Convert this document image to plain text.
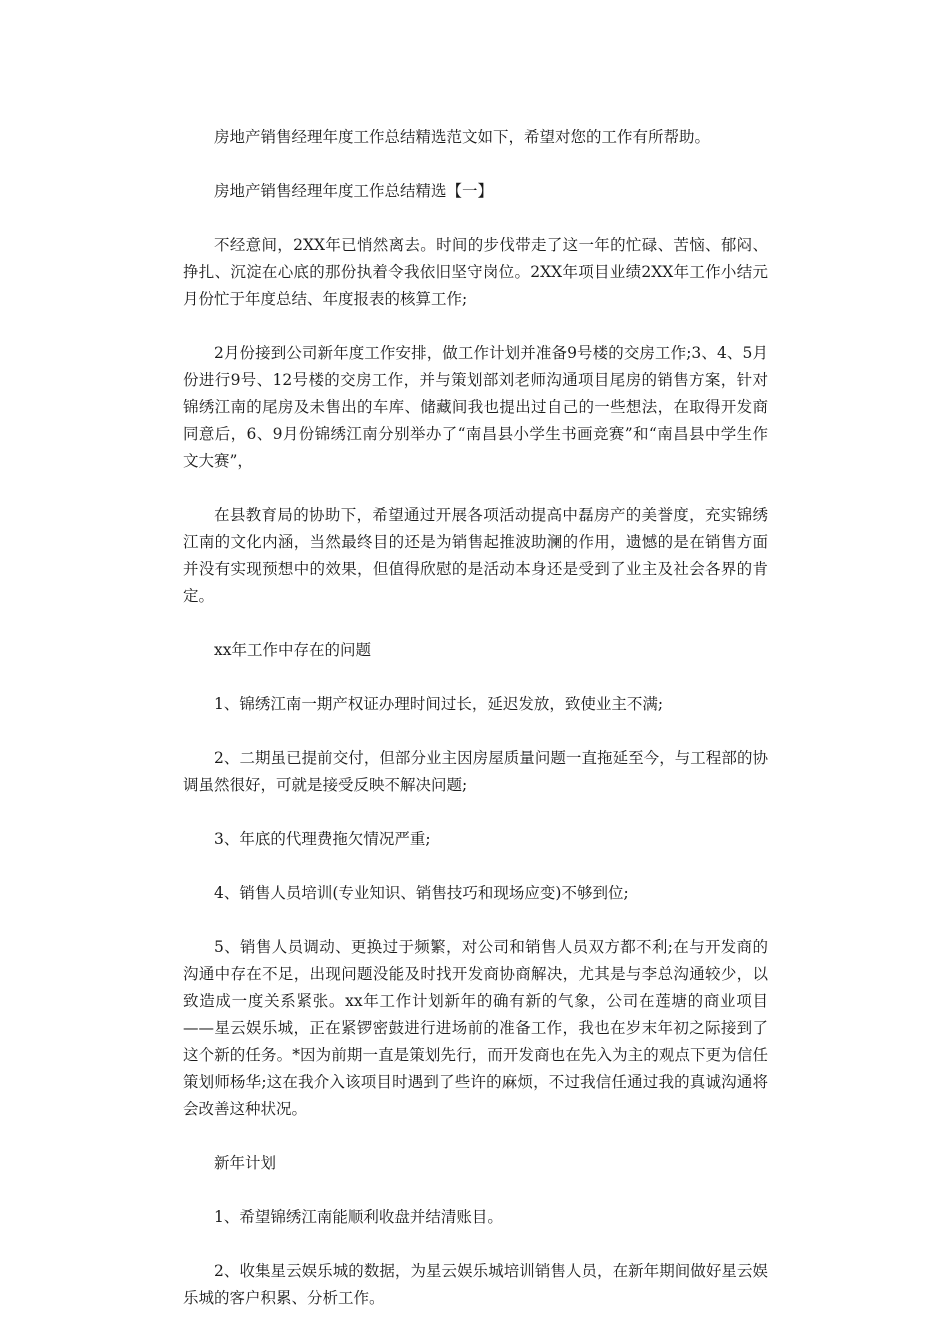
房地产销售经理年度工作总结精选范文如下，希望对您的工作有所帮助。

房地产销售经理年度工作总结精选【一】

不经意间，2XX年已悄然离去。时间的步伐带走了这一年的忙碌、苦恼、郁闷、挣扎、沉淀在心底的那份执着令我依旧坚守岗位。2XX年项目业绩2XX年工作小结元月份忙于年度总结、年度报表的核算工作;

2月份接到公司新年度工作安排，做工作计划并准备9号楼的交房工作;3、4、5月份进行9号、12号楼的交房工作，并与策划部刘老师沟通项目尾房的销售方案，针对锦绣江南的尾房及未售出的车库、储藏间我也提出过自己的一些想法，在取得开发商同意后，6、9月份锦绣江南分别举办了“南昌县小学生书画竞赛”和“南昌县中学生作文大赛”，

在县教育局的协助下，希望通过开展各项活动提高中磊房产的美誉度，充实锦绣江南的文化内涵，当然最终目的还是为销售起推波助澜的作用，遗憾的是在销售方面并没有实现预想中的效果，但值得欣慰的是活动本身还是受到了业主及社会各界的肯定。

xx年工作中存在的问题

1、锦绣江南一期产权证办理时间过长，延迟发放，致使业主不满;

2、二期虽已提前交付，但部分业主因房屋质量问题一直拖延至今，与工程部的协调虽然很好，可就是接受反映不解决问题;

3、年底的代理费拖欠情况严重;

4、销售人员培训(专业知识、销售技巧和现场应变)不够到位;

5、销售人员调动、更换过于频繁，对公司和销售人员双方都不利;在与开发商的沟通中存在不足，出现问题没能及时找开发商协商解决，尤其是与李总沟通较少，以致造成一度关系紧张。xx年工作计划新年的确有新的气象，公司在莲塘的商业项目——星云娱乐城，正在紧锣密鼓进行进场前的准备工作，我也在岁末年初之际接到了这个新的任务。*因为前期一直是策划先行，而开发商也在先入为主的观点下更为信任策划师杨华;这在我介入该项目时遇到了些许的麻烦，不过我信任通过我的真诚沟通将会改善这种状况。

新年计划

1、希望锦绣江南能顺利收盘并结清账目。

2、收集星云娱乐城的数据，为星云娱乐城培训销售人员，在新年期间做好星云娱乐城的客户积累、分析工作。
